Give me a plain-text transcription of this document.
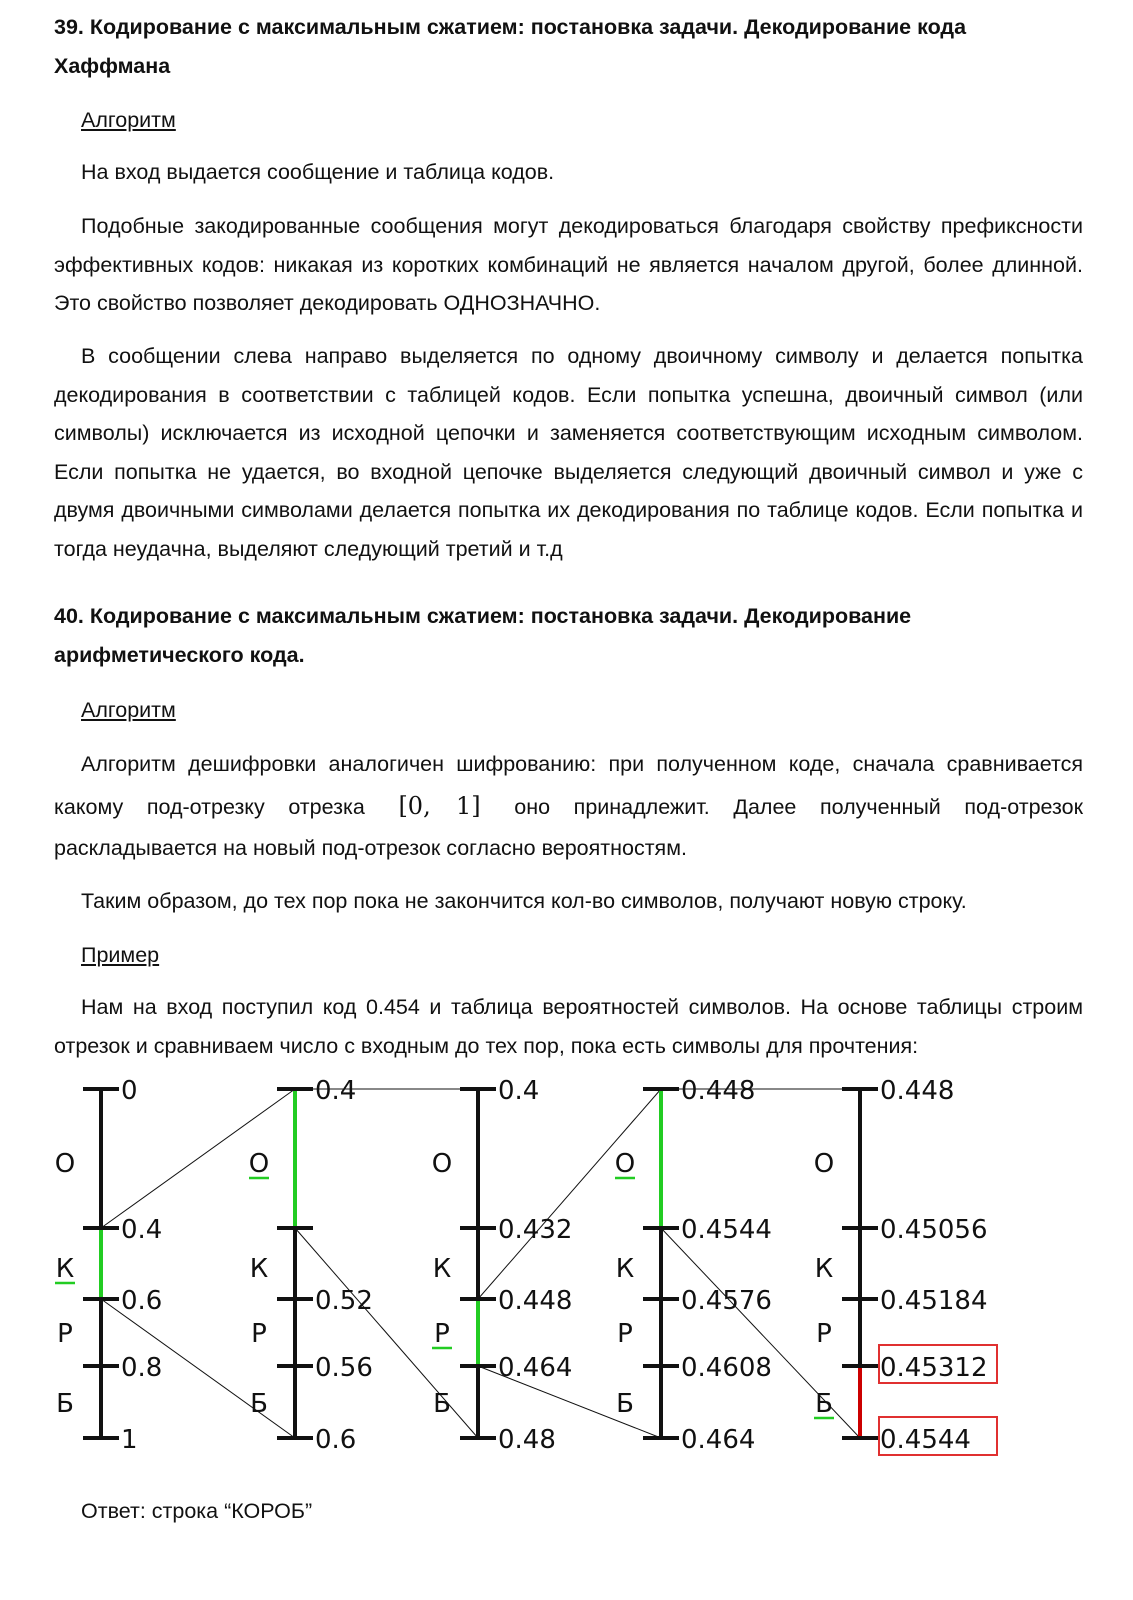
39. Кодирование с максимальным сжатием: постановка задачи. Декодирование кода Хаффмана

Алгоритм

На вход выдается сообщение и таблица кодов.

Подобные закодированные сообщения могут декодироваться благодаря свойству префиксности эффективных кодов: никакая из коротких комбинаций не является началом другой, более длинной. Это свойство позволяет декодировать ОДНОЗНАЧНО.

В сообщении слева направо выделяется по одному двоичному символу и делается попытка декодирования в соответствии с таблицей кодов. Если попытка успешна, двоичный символ (или символы) исключается из исходной цепочки и заменяется соответствующим исходным символом. Если попытка не удается, во входной цепочке выделяется следующий двоичный символ и уже с двумя двоичными символами делается попытка их декодирования по таблице кодов. Если попытка и тогда неудачна, выделяют следующий третий и т.д

40. Кодирование с максимальным сжатием: постановка задачи. Декодирование арифметического кода.

Алгоритм

Алгоритм дешифровки аналогичен шифрованию: при полученном коде, сначала сравнивается какому под-отрезку отрезка [0, 1] оно принадлежит. Далее полученный под-отрезок раскладывается на новый под-отрезок согласно вероятностям.

Таким образом, до тех пор пока не закончится кол-во символов, получают новую строку.

Пример

Нам на вход поступил код 0.454 и таблица вероятностей символов. На основе таблицы строим отрезок и сравниваем число с входным до тех пор, пока есть символы для прочтения:

0
0.4
0.6
0.8
1
О
К
Р
Б
0.4
0.52
0.56
0.6
О
К
Р
Б
0.4
0.432
0.448
0.464
0.48
О
К
Р
Б
0.448
0.4544
0.4576
0.4608
0.464
О
К
Р
Б
0.448
0.45056
0.45184
0.45312
0.4544
О
К
Р
Б

Ответ: строка “КОРОБ”
